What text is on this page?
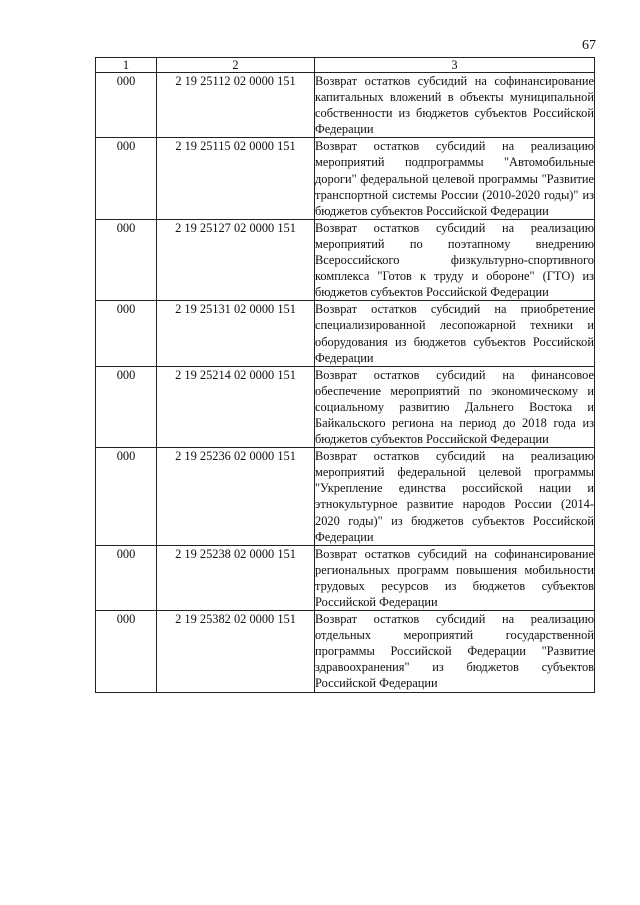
67
1	2	3
000	2 19 25112 02 0000 151	Возврат остатков субсидий на софинансирование капитальных вложений в объекты муниципальной собственности из бюджетов субъектов Российской Федерации
000	2 19 25115 02 0000 151	Возврат остатков субсидий на реализацию мероприятий подпрограммы "Автомобильные дороги" федеральной целевой программы "Развитие транспортной системы России (2010-2020 годы)" из бюджетов субъектов Российской Федерации
000	2 19 25127 02 0000 151	Возврат остатков субсидий на реализацию мероприятий по поэтапному внедрению Всероссийского физкультурно-спортивного комплекса "Готов к труду и обороне" (ГТО) из бюджетов субъектов Российской Федерации
000	2 19 25131 02 0000 151	Возврат остатков субсидий на приобретение специализированной лесопожарной техники и оборудования из бюджетов субъектов Российской Федерации
000	2 19 25214 02 0000 151	Возврат остатков субсидий на финансовое обеспечение мероприятий по экономическому и социальному развитию Дальнего Востока и Байкальского региона на период до 2018 года из бюджетов субъектов Российской Федерации
000	2 19 25236 02 0000 151	Возврат остатков субсидий на реализацию мероприятий федеральной целевой программы "Укрепление единства российской нации и этнокультурное развитие народов России (2014-2020 годы)" из бюджетов субъектов Российской Федерации
000	2 19 25238 02 0000 151	Возврат остатков субсидий на софинансирование региональных программ повышения мобильности трудовых ресурсов из бюджетов субъектов Российской Федерации
000	2 19 25382 02 0000 151	Возврат остатков субсидий на реализацию отдельных мероприятий государственной программы Российской Федерации "Развитие здравоохранения" из бюджетов субъектов Российской Федерации
